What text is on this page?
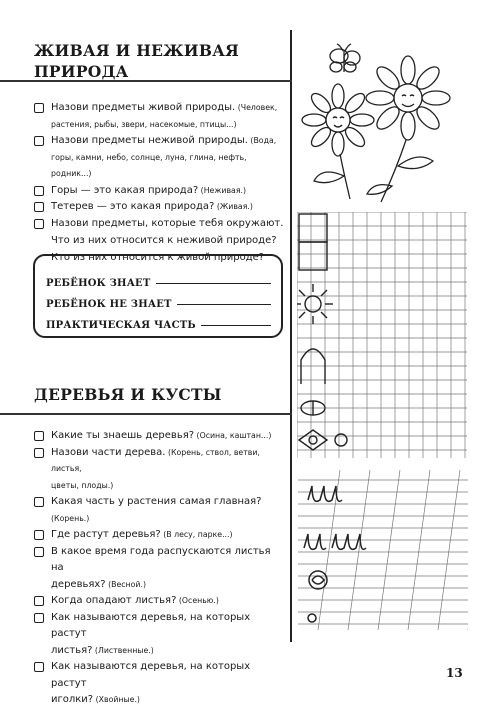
ЖИВАЯ И НЕЖИВАЯ
ПРИРОДА
Назови предметы живой природы. (Человек,
растения, рыбы, звери, насекомые, птицы...)
Назови предметы неживой природы. (Вода,
горы, камни, небо, солнце, луна, глина, нефть, родник...)
Горы — это какая природа? (Неживая.)
Тетерев — это какая природа? (Живая.)
Назови предметы, которые тебя окружают.
Что из них относится к неживой природе?
Кто из них относится к живой природе?
РЕБЁНОК ЗНАЕТ
РЕБЁНОК НЕ ЗНАЕТ
ПРАКТИЧЕСКАЯ ЧАСТЬ
ДЕРЕВЬЯ И КУСТЫ
Какие ты знаешь деревья? (Осина, каштан...)
Назови части дерева. (Корень, ствол, ветви, листья,
цветы, плоды.)
Какая часть у растения самая главная? (Корень.)
Где растут деревья? (В лесу, парке...)
В какое время года распускаются листья на
деревьях? (Весной.)
Когда опадают листья? (Осенью.)
Как называются деревья, на которых растут
листья? (Лиственные.)
Как называются деревья, на которых растут
иголки? (Хвойные.)
13
